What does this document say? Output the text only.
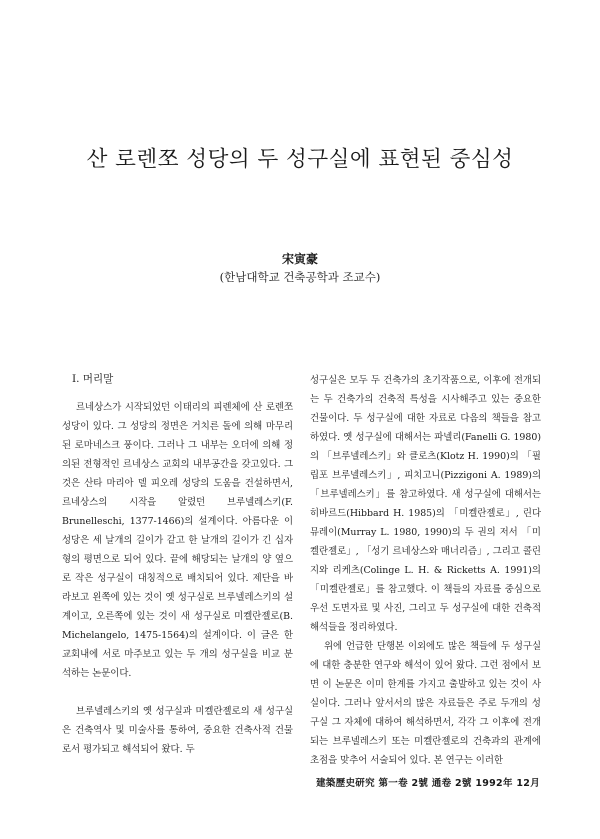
산 로렌쪼 성당의 두 성구실에 표현된 중심성
宋寅豪
(한남대학교 건축공학과 조교수)
Ⅰ. 머리말

르네상스가 시작되었던 이태리의 피렌체에 산 로렌쪼 성당이 있다. 그 성당의 정면은 거치른 돌에 의해 마무리된 로마네스크 풍이다. 그러나 그 내부는 오더에 의해 정의된 전형적인 르네상스 교회의 내부공간을 갖고있다. 그것은 산타 마리아 델 피오레 성당의 도움을 건설하면서, 르네상스의 시작을 알렸던 브루넬레스키(F. Brunelleschi, 1377-1466)의 설계이다. 아름다운 이 성당은 세 날개의 길이가 같고 한 날개의 길이가 긴 십자형의 평면으로 되어 있다. 끝에 해당되는 날개의 양 옆으로 작은 성구실이 대칭적으로 배치되어 있다. 제단을 바라보고 왼쪽에 있는 것이 옛 성구실로 브루넬레스키의 설계이고, 오른쪽에 있는 것이 새 성구실로 미켈란젤로(B. Michelangelo, 1475-1564)의 설계이다. 이 글은 한 교회내에 서로 마주보고 있는 두 개의 성구실을 비교 분석하는 논문이다.

브루넬레스키의 옛 성구실과 미켈란젤로의 새 성구실은 건축역사 및 미술사를 통하여, 중요한 건축사적 건물로서 평가되고 해석되어 왔다. 두

성구실은 모두 두 건축가의 초기작품으로, 이후에 전개되는 두 건축가의 건축적 특성을 시사해주고 있는 중요한 건물이다. 두 성구실에 대한 자료로 다음의 책들을 참고하였다. 옛 성구실에 대해서는 파넬리(Fanelli G. 1980)의 「브루넬레스키」와 클로츠(Klotz H. 1990)의 「필립포 브루넬레스키」, 피치고니(Pizzigoni A. 1989)의 「브루넬레스키」를 참고하였다. 새 성구실에 대해서는 히바르드(Hibbard H. 1985)의 「미켈란젤로」, 린다 뮤레이(Murray L. 1980, 1990)의 두 권의 저서 「미켈란젤로」, 「성기 르네상스와 매너리즘」, 그리고 콜린지와 리케츠(Colinge L. H. & Ricketts A. 1991)의 「미켈란젤로」를 참고했다. 이 책들의 자료를 중심으로 우선 도면자료 및 사진, 그리고 두 성구실에 대한 건축적 해석들을 정리하였다.

위에 언급한 단행본 이외에도 많은 책들에 두 성구실에 대한 충분한 연구와 해석이 있어 왔다. 그런 점에서 보면 이 논문은 이미 한계를 가지고 출발하고 있는 것이 사실이다. 그러나 앞서서의 많은 자료들은 주로 두개의 성구실 그 자체에 대하여 해석하면서, 각각 그 이후에 전개되는 브루넬레스키 또는 미켈란젤로의 건축과의 관계에 초점을 맞추어 서술되어 있다. 본 연구는 이러한

建築歷史研究 第一卷 2號 通卷 2號 1992年 12月
